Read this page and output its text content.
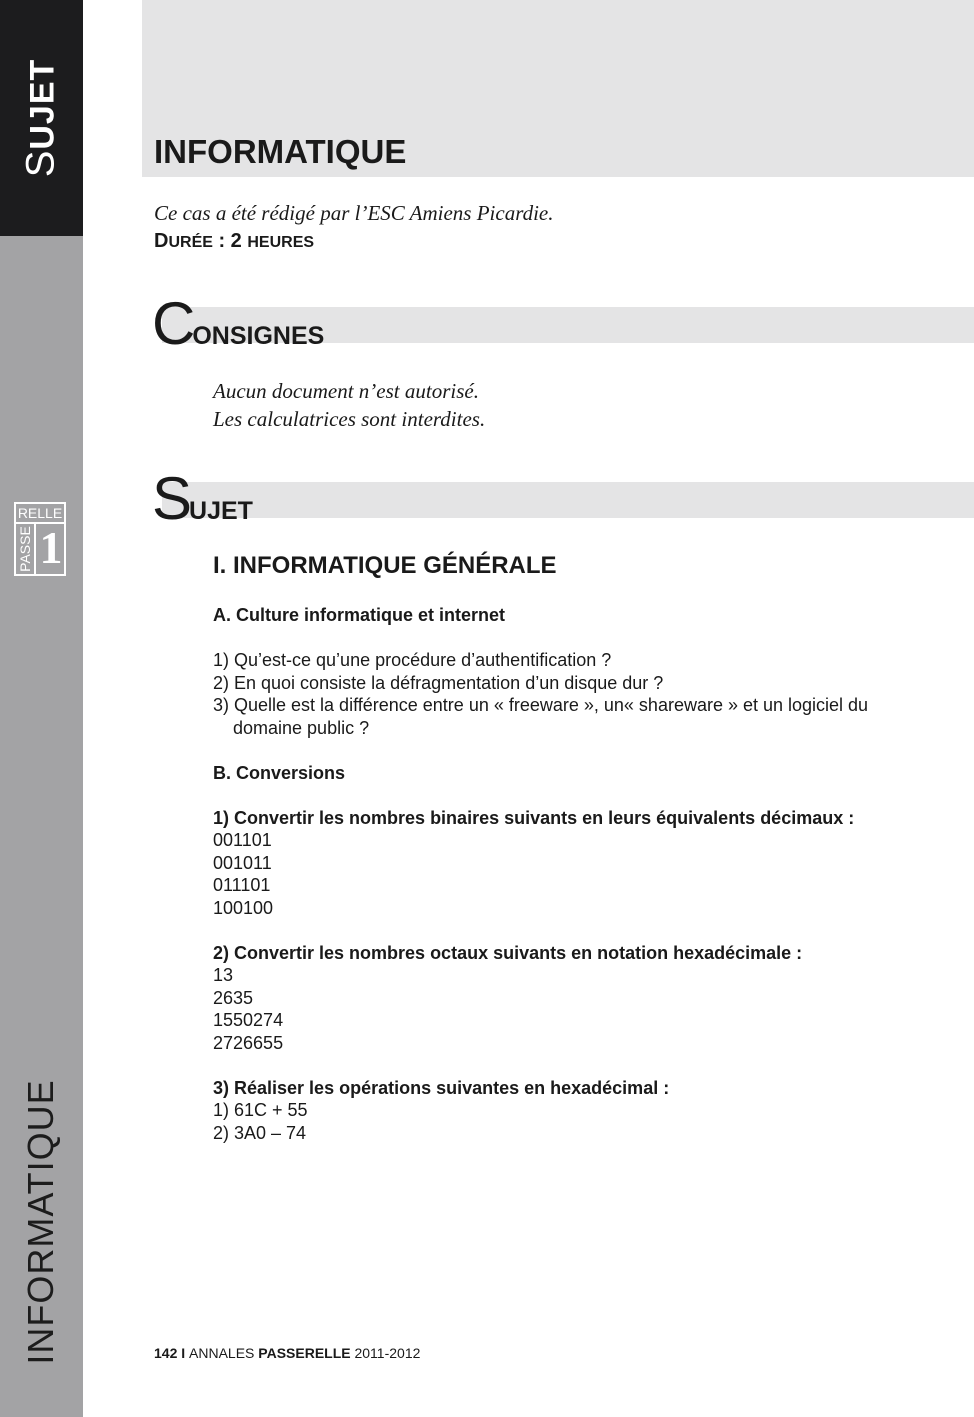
SUJET
RELLE
PASSE 1
INFORMATIQUE
INFORMATIQUE
Ce cas a été rédigé par l’ESC Amiens Picardie.
DURÉE : 2 HEURES
CONSIGNES
Aucun document n’est autorisé.
Les calculatrices sont interdites.
SUJET

I. INFORMATIQUE GÉNÉRALE

A. Culture informatique et internet

1) Qu’est-ce qu’une procédure d’authentification ?
2) En quoi consiste la défragmentation d’un disque dur ?
3) Quelle est la différence entre un « freeware », un« shareware » et un logiciel du domaine public ?

B. Conversions

1) Convertir les nombres binaires suivants en leurs équivalents décimaux :
001101
001011
011101
100100
2) Convertir les nombres octaux suivants en notation hexadécimale :
13
2635
1550274
2726655
3) Réaliser les opérations suivantes en hexadécimal :
1) 61C + 55
2) 3A0 – 74
142 I ANNALES PASSERELLE 2011-2012
